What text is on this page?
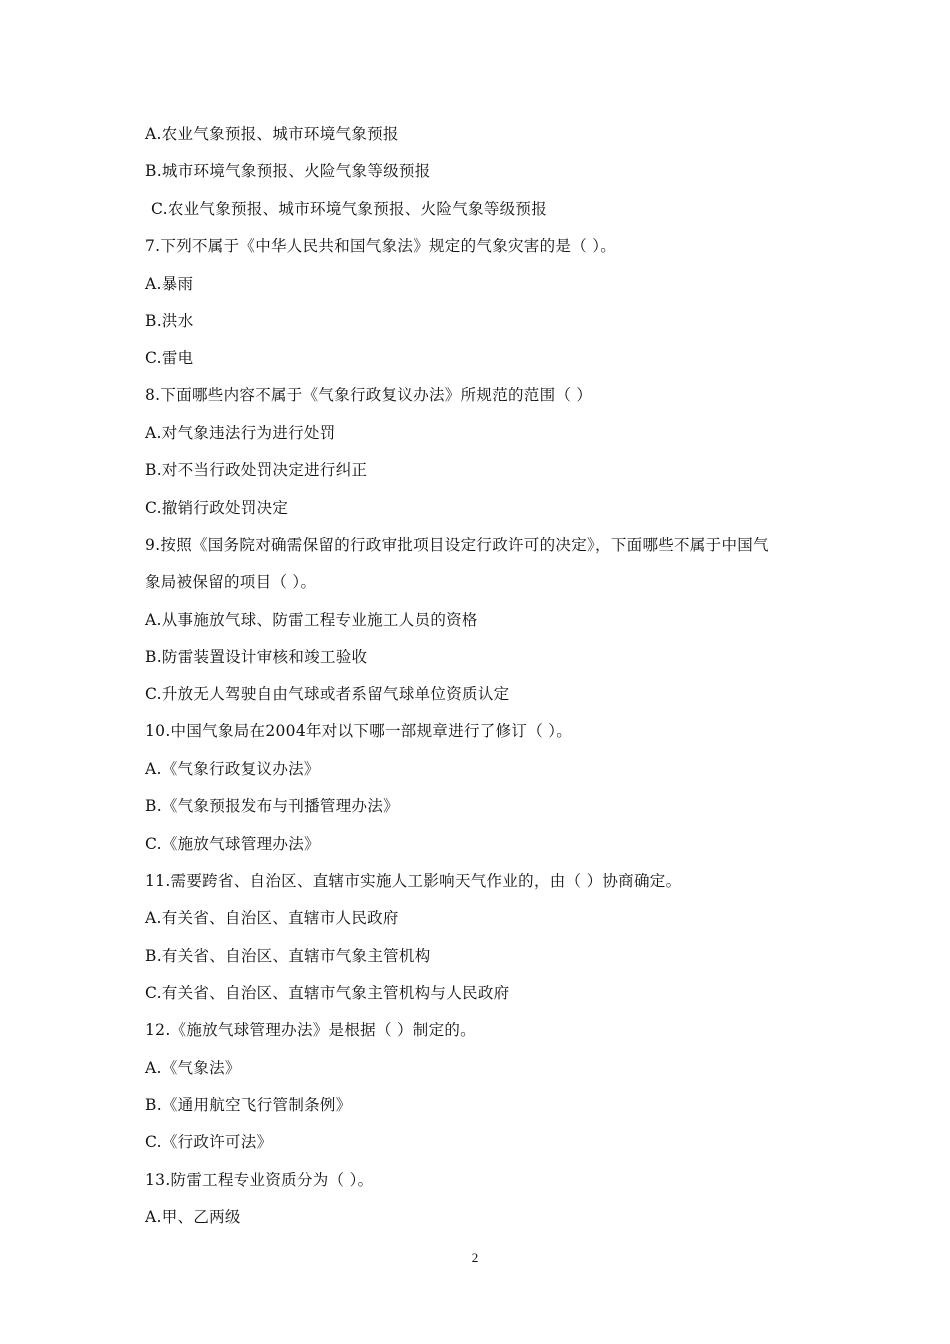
A.农业气象预报、城市环境气象预报
B.城市环境气象预报、火险气象等级预报
C.农业气象预报、城市环境气象预报、火险气象等级预报
7.下列不属于《中华人民共和国气象法》规定的气象灾害的是（ ）。
A.暴雨
B.洪水
C.雷电
8.下面哪些内容不属于《气象行政复议办法》所规范的范围（ ）
A.对气象违法行为进行处罚
B.对不当行政处罚决定进行纠正
C.撤销行政处罚决定
9.按照《国务院对确需保留的行政审批项目设定行政许可的决定》，下面哪些不属于中国气
象局被保留的项目（ ）。
A.从事施放气球、防雷工程专业施工人员的资格
B.防雷装置设计审核和竣工验收
C.升放无人驾驶自由气球或者系留气球单位资质认定
10.中国气象局在2004年对以下哪一部规章进行了修订（ ）。
A.《气象行政复议办法》
B.《气象预报发布与刊播管理办法》
C.《施放气球管理办法》
11.需要跨省、自治区、直辖市实施人工影响天气作业的，由（ ）协商确定。
A.有关省、自治区、直辖市人民政府
B.有关省、自治区、直辖市气象主管机构
C.有关省、自治区、直辖市气象主管机构与人民政府
12.《施放气球管理办法》是根据（ ）制定的。
A.《气象法》
B.《通用航空飞行管制条例》
C.《行政许可法》
13.防雷工程专业资质分为（ ）。
A.甲、乙两级
2
